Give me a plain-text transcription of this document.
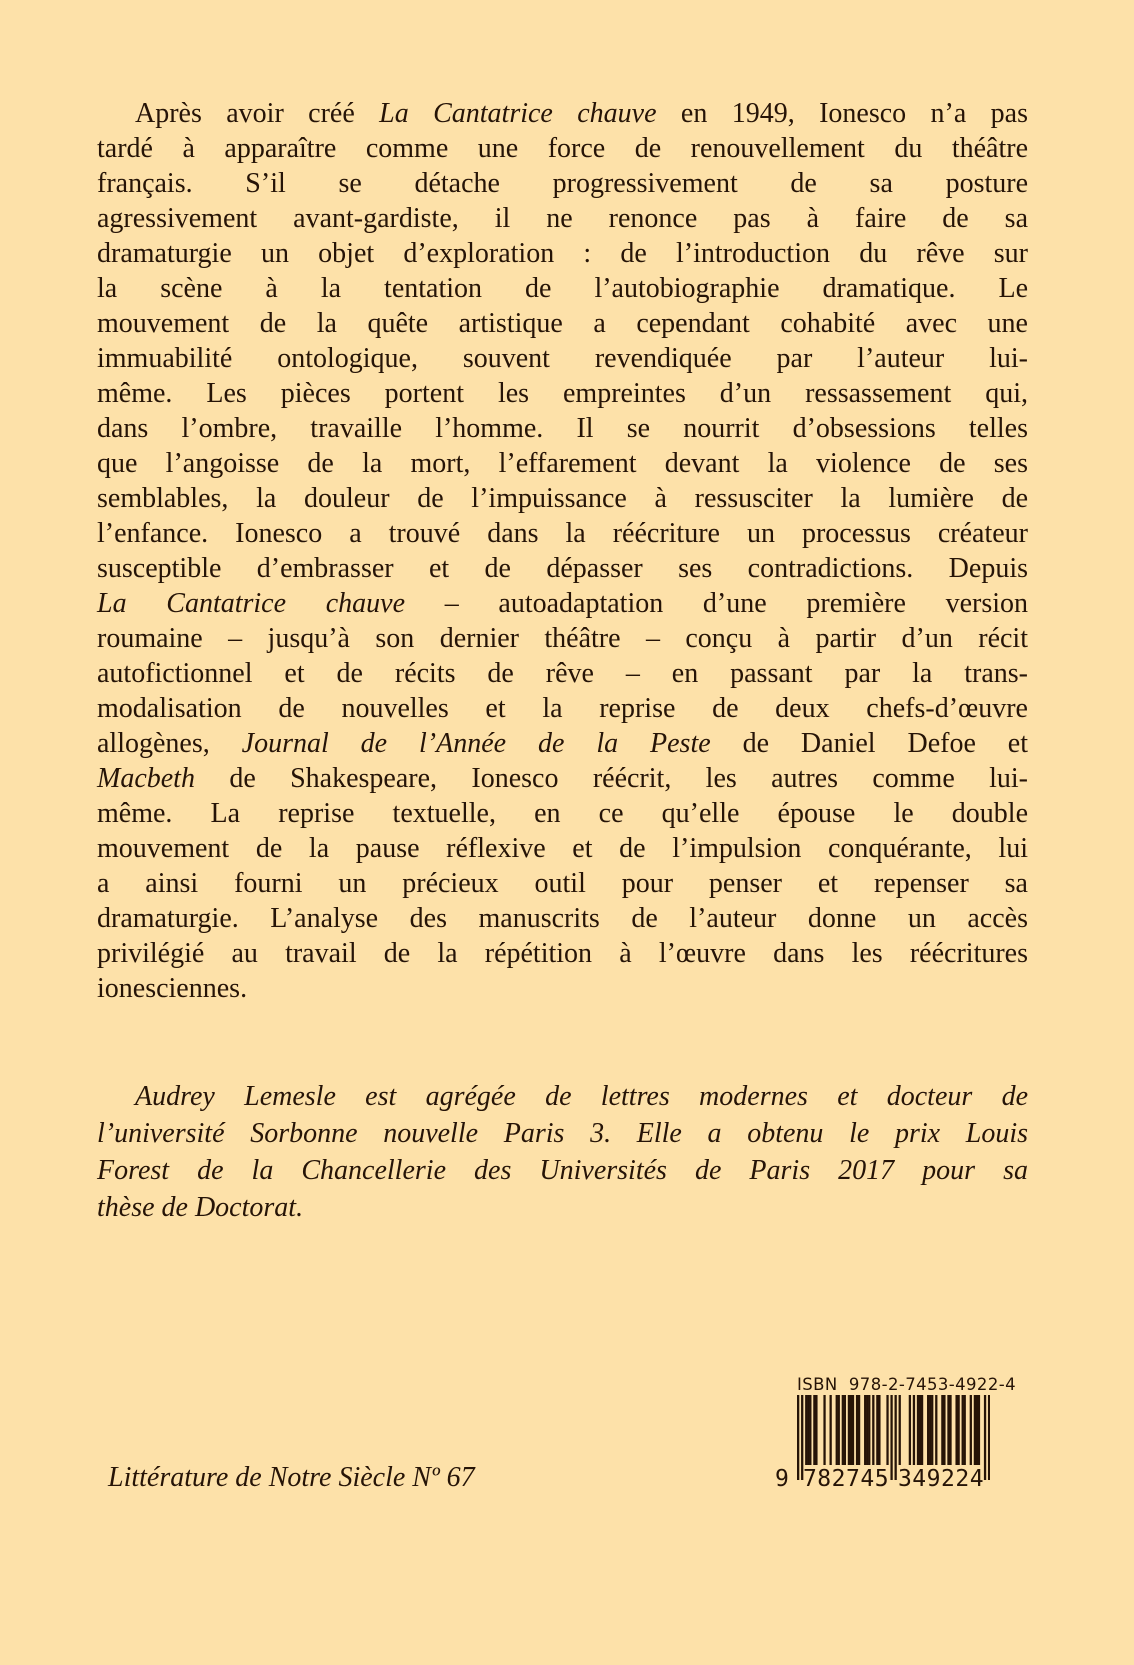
Après avoir créé La Cantatrice chauve en 1949, Ionesco n’a pas
tardé à apparaître comme une force de renouvellement du théâtre
français. S’il se détache progressivement de sa posture
agressivement avant-gardiste, il ne renonce pas à faire de sa
dramaturgie un objet d’exploration : de l’introduction du rêve sur
la scène à la tentation de l’autobiographie dramatique. Le
mouvement de la quête artistique a cependant cohabité avec une
immuabilité ontologique, souvent revendiquée par l’auteur lui-
même. Les pièces portent les empreintes d’un ressassement qui,
dans l’ombre, travaille l’homme. Il se nourrit d’obsessions telles
que l’angoisse de la mort, l’effarement devant la violence de ses
semblables, la douleur de l’impuissance à ressusciter la lumière de
l’enfance. Ionesco a trouvé dans la réécriture un processus créateur
susceptible d’embrasser et de dépasser ses contradictions. Depuis
La Cantatrice chauve – autoadaptation d’une première version
roumaine – jusqu’à son dernier théâtre – conçu à partir d’un récit
autofictionnel et de récits de rêve – en passant par la trans-
modalisation de nouvelles et la reprise de deux chefs-d’œuvre
allogènes, Journal de l’Année de la Peste de Daniel Defoe et
Macbeth de Shakespeare, Ionesco réécrit, les autres comme lui-
même. La reprise textuelle, en ce qu’elle épouse le double
mouvement de la pause réflexive et de l’impulsion conquérante, lui
a ainsi fourni un précieux outil pour penser et repenser sa
dramaturgie. L’analyse des manuscrits de l’auteur donne un accès
privilégié au travail de la répétition à l’œuvre dans les réécritures
ionesciennes.
Audrey Lemesle est agrégée de lettres modernes et docteur de
l’université Sorbonne nouvelle Paris 3. Elle a obtenu le prix Louis
Forest de la Chancellerie des Universités de Paris 2017 pour sa
thèse de Doctorat.
Littérature de Notre Siècle Nº 67
ISBN  978-2-7453-4922-4
9 782745 349224
